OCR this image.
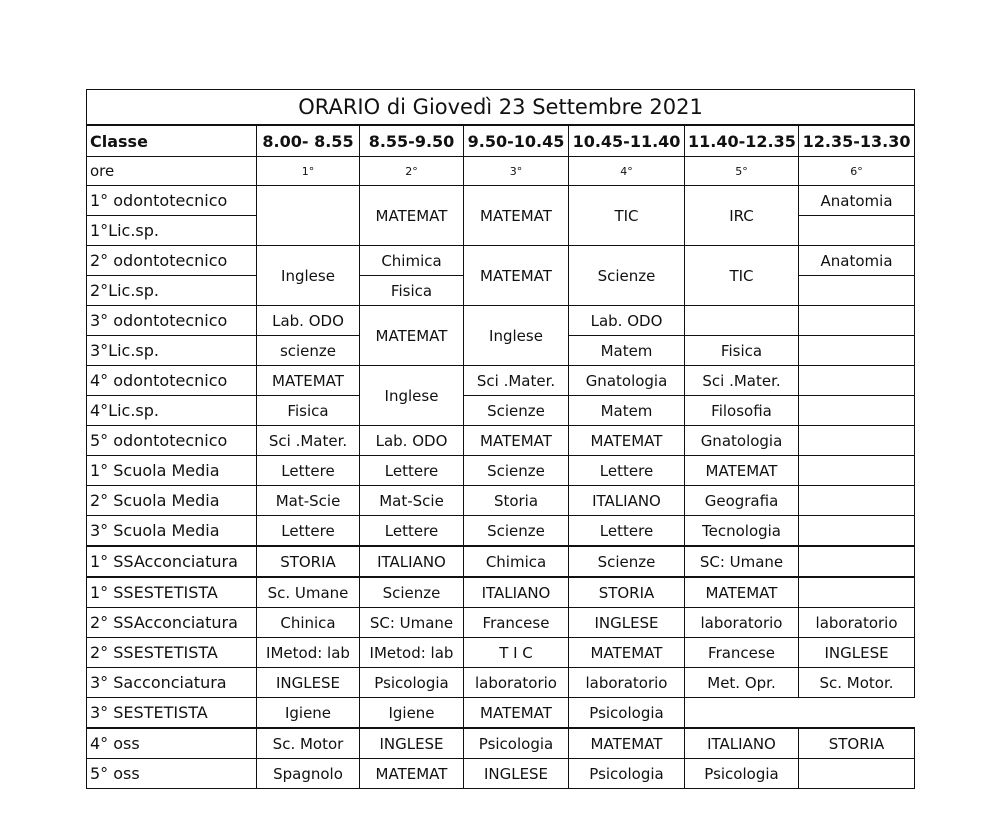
ORARIO di Giovedì 23 Settembre 2021						
Classe	8.00- 8.55	8.55-9.50	9.50-10.45	10.45-11.40	11.40-12.35	12.35-13.30
ore	1°	2°	3°	4°	5°	6°
1° odontotecnico		MATEMAT	MATEMAT	TIC	IRC	Anatomia
1°Lic.sp.						
2° odontotecnico	Inglese	Chimica	MATEMAT	Scienze	TIC	Anatomia
2°Lic.sp.		Fisica				
3° odontotecnico	Lab. ODO	MATEMAT	Inglese	Lab. ODO		
3°Lic.sp.	scienze			Matem	Fisica	
4° odontotecnico	MATEMAT	Inglese	Sci .Mater.	Gnatologia	Sci .Mater.	
4°Lic.sp.	Fisica		Scienze	Matem	Filosofia	
5° odontotecnico	Sci .Mater.	Lab. ODO	MATEMAT	MATEMAT	Gnatologia	
1° Scuola Media	Lettere	Lettere	Scienze	Lettere	MATEMAT	
2° Scuola Media	Mat-Scie	Mat-Scie	Storia	ITALIANO	Geografia	
3° Scuola Media	Lettere	Lettere	Scienze	Lettere	Tecnologia	
1° SSAcconciatura	STORIA	ITALIANO	Chimica	Scienze	SC: Umane	
1° SSESTETISTA	Sc. Umane	Scienze	ITALIANO	STORIA	MATEMAT	
2° SSAcconciatura	Chinica	SC: Umane	Francese	INGLESE	laboratorio	laboratorio
2° SSESTETISTA	IMetod: lab	IMetod: lab	T I C	MATEMAT	Francese	INGLESE
3° Sacconciatura	INGLESE	Psicologia	laboratorio	laboratorio	Met. Opr.	Sc. Motor.
3° SESTETISTA	Igiene	Igiene	MATEMAT	Psicologia		
4° oss	Sc. Motor	INGLESE	Psicologia	MATEMAT	ITALIANO	STORIA
5° oss	Spagnolo	MATEMAT	INGLESE	Psicologia	Psicologia	
